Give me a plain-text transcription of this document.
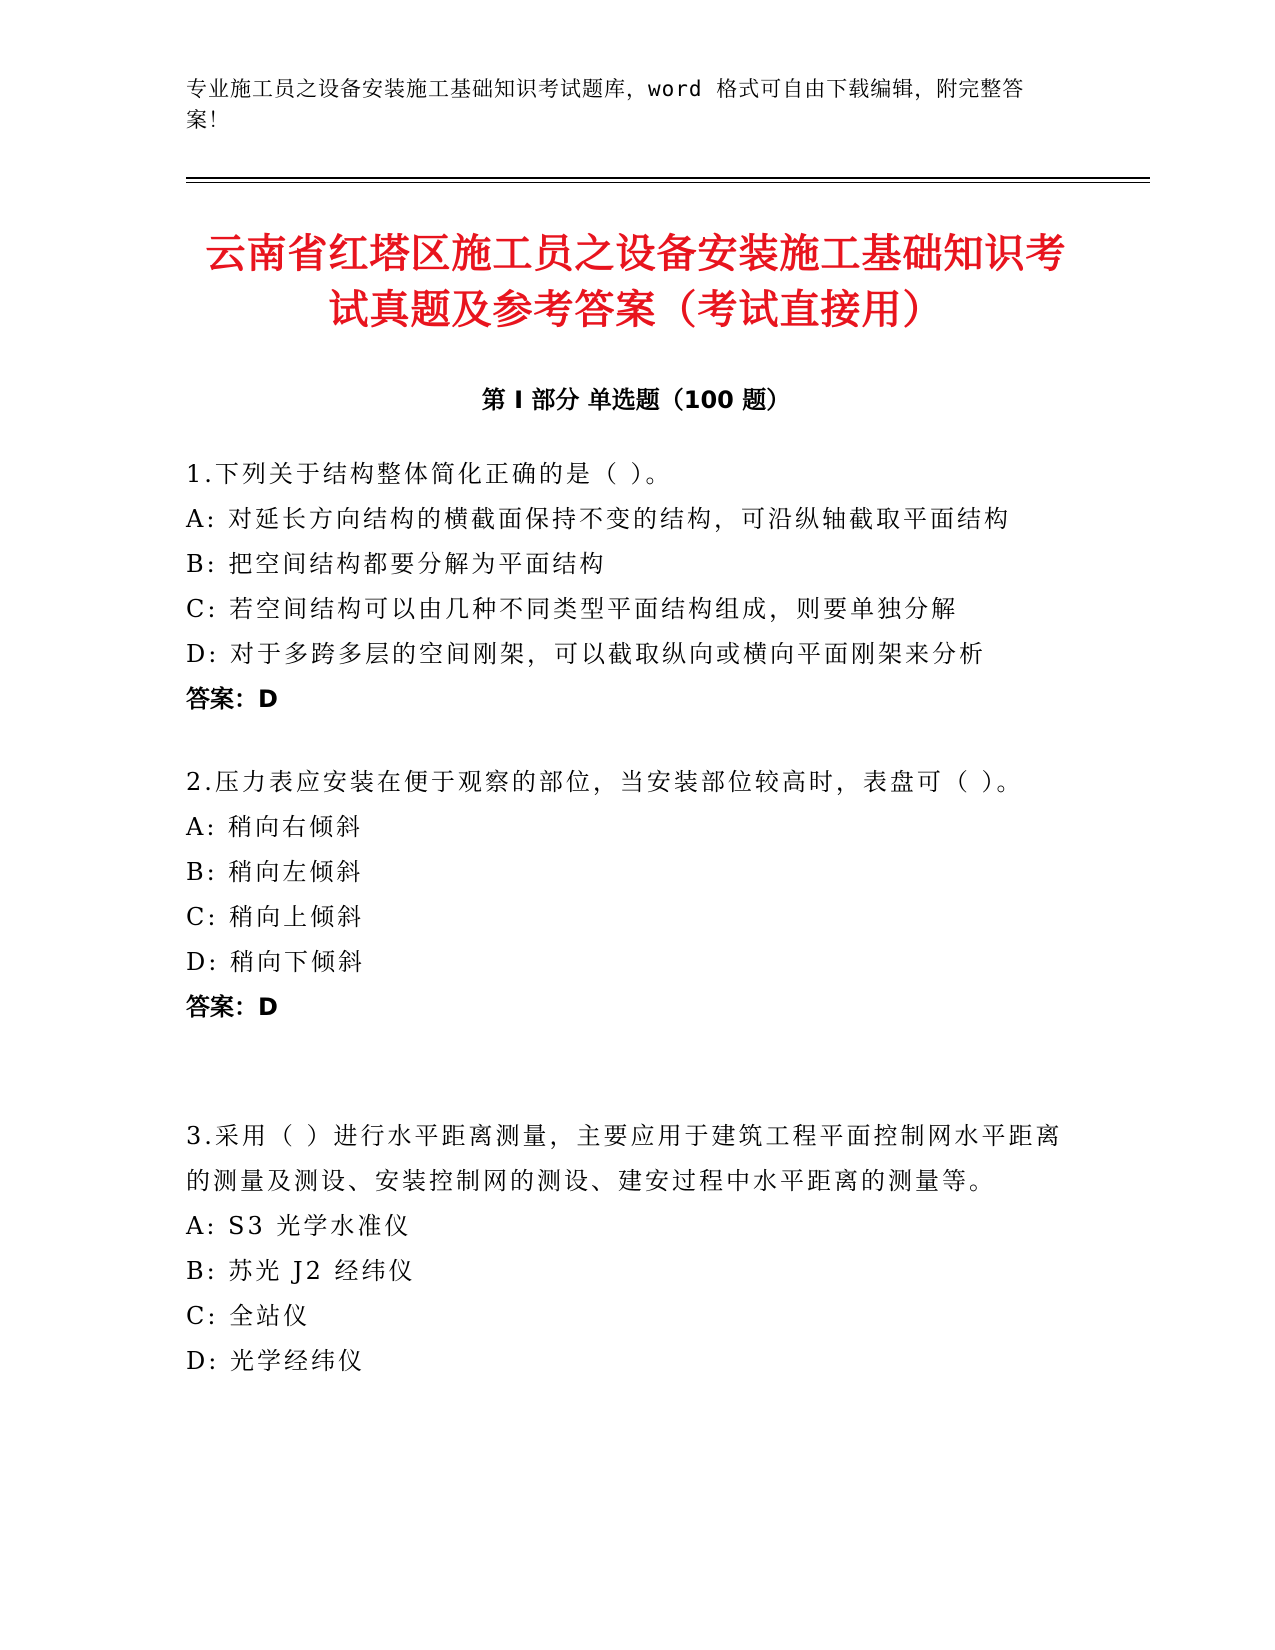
专业施工员之设备安装施工基础知识考试题库，word 格式可自由下载编辑，附完整答案！
云南省红塔区施工员之设备安装施工基础知识考试真题及参考答案（考试直接用）
第 I 部分 单选题（100 题）

1.下列关于结构整体简化正确的是（ ）。

A: 对延长方向结构的横截面保持不变的结构，可沿纵轴截取平面结构

B: 把空间结构都要分解为平面结构

C: 若空间结构可以由几种不同类型平面结构组成，则要单独分解

D: 对于多跨多层的空间刚架，可以截取纵向或横向平面刚架来分析

答案：D

2.压力表应安装在便于观察的部位，当安装部位较高时，表盘可（ ）。

A: 稍向右倾斜

B: 稍向左倾斜

C: 稍向上倾斜

D: 稍向下倾斜

答案：D

3.采用（ ）进行水平距离测量，主要应用于建筑工程平面控制网水平距离的测量及测设、安装控制网的测设、建安过程中水平距离的测量等。

A: S3 光学水准仪

B: 苏光 J2 经纬仪

C: 全站仪

D: 光学经纬仪
